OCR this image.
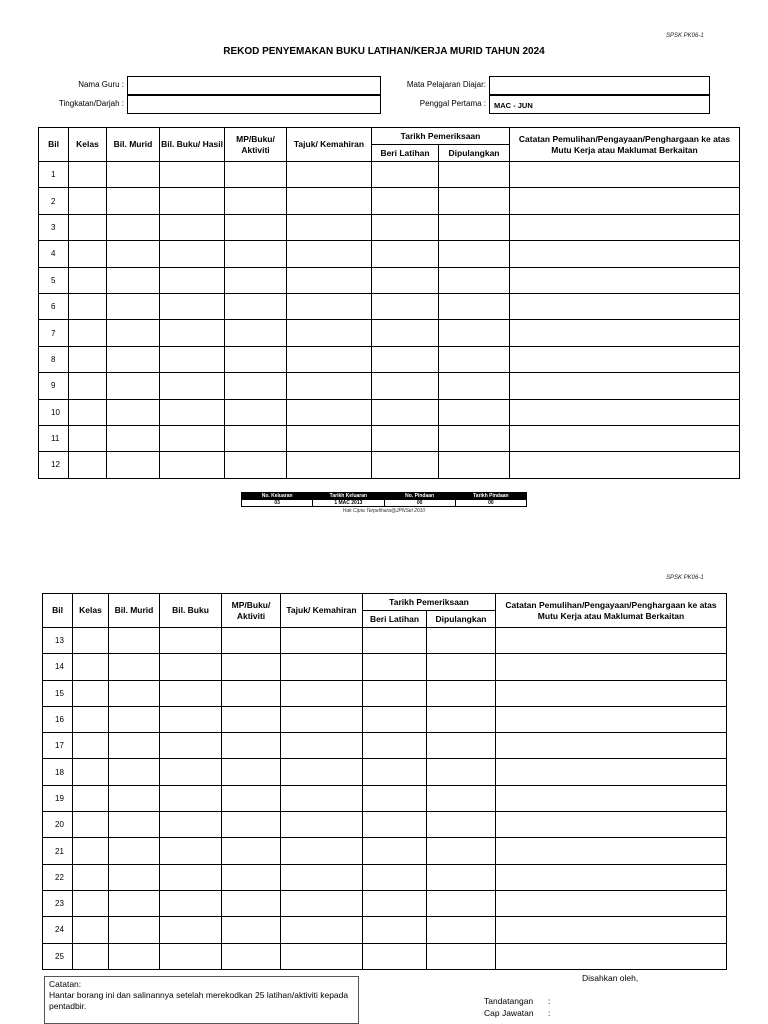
SPSK PK06-1
REKOD PENYEMAKAN BUKU LATIHAN/KERJA MURID TAHUN 2024
Nama Guru :	Mata Pelajaran Diajar:
Tingkatan/Darjah :	Penggal Pertama :	MAC - JUN
Bil	Kelas	Bil. Murid	Bil. Buku/ Hasil	MP/Buku/ Aktiviti	Tajuk/ Kemahiran	Tarikh Pemeriksaan		Catatan Pemulihan/Pengayaan/Penghargaan ke atas Mutu Kerja atau Maklumat Berkaitan
						Beri Latihan	Dipulangkan	
1								
2								
3								
4								
5								
6								
7								
8								
9								
10								
11								
12								
No. Keluaran	Tarikh Keluaran	No. Pindaan	Tarikh Pindaan
03	1 MAC 2013	00	00
Hak Cipta Terpelihara@JPNSel 2010
SPSK PK06-1
Bil	Kelas	Bil. Murid	Bil. Buku	MP/Buku/ Aktiviti	Tajuk/ Kemahiran	Tarikh Pemeriksaan		Catatan Pemulihan/Pengayaan/Penghargaan ke atas Mutu Kerja atau Maklumat Berkaitan
						Beri Latihan	Dipulangkan	
13								
14								
15								
16								
17								
18								
19								
20								
21								
22								
23								
24								
25								
Catatan:
Hantar borang ini dan salinannya setelah merekodkan 25 latihan/aktiviti kepada pentadbir.
Disahkan oleh,
Tandatangan :
Cap Jawatan :
